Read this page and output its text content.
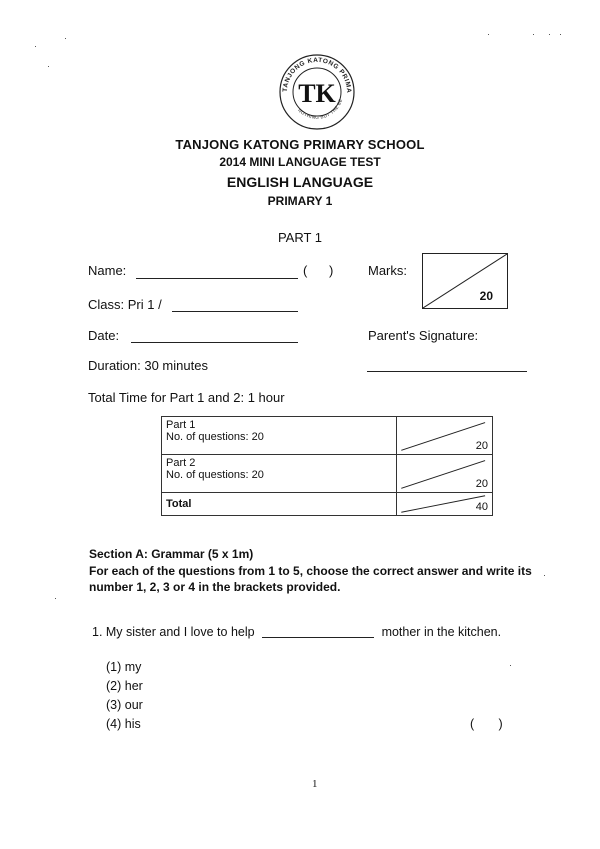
TANJONG KATONG PRIMA
NOTHING BUT THE BE
TK
TANJONG KATONG PRIMARY SCHOOL
2014 MINI LANGUAGE TEST
ENGLISH LANGUAGE
PRIMARY 1
PART 1
Name:	(      )	Marks:
20
Class: Pri 1 /
Date:	Parent's Signature:
Duration: 30 minutes
Total Time for Part 1 and 2: 1 hour
Part 1
No. of questions: 20	20

Part 2
No. of questions: 20	20
Total	40
Section A: Grammar (5 x 1m)
For each of the questions from 1 to 5, choose the correct answer and write its number 1, 2, 3 or 4 in the brackets provided.
1. My sister and I love to help	mother in the kitchen.
(1) my
(2) her
(3) our
(4) his	(       )
1
